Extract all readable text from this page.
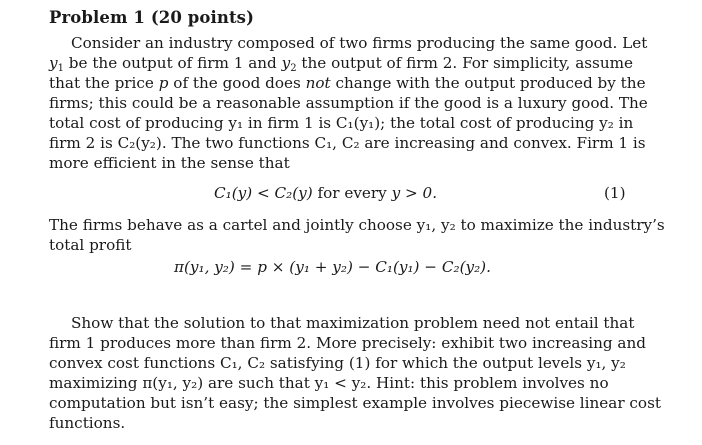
Problem 1 (20 points)
Consider an industry composed of two firms producing the same good. Let
$y_1$ be the output of firm 1 and $y_2$ the output of firm 2. For simplicity, assume
that the price p of the good does not change with the output produced by the
firms; this could be a reasonable assumption if the good is a luxury good. The
total cost of producing y₁ in firm 1 is C₁(y₁); the total cost of producing y₂ in
firm 2 is C₂(y₂). The two functions C₁, C₂ are increasing and convex. Firm 1 is
more efficient in the sense that
C₁(y) < C₂(y) for every y > 0.	(1)
The firms behave as a cartel and jointly choose y₁, y₂ to maximize the industry’s
total profit
π(y₁, y₂) = p × (y₁ + y₂) − C₁(y₁) − C₂(y₂).
Show that the solution to that maximization problem need not entail that
firm 1 produces more than firm 2. More precisely: exhibit two increasing and
convex cost functions C₁, C₂ satisfying (1) for which the output levels y₁, y₂
maximizing π(y₁, y₂) are such that y₁ < y₂. Hint: this problem involves no
computation but isn’t easy; the simplest example involves piecewise linear cost
functions.
